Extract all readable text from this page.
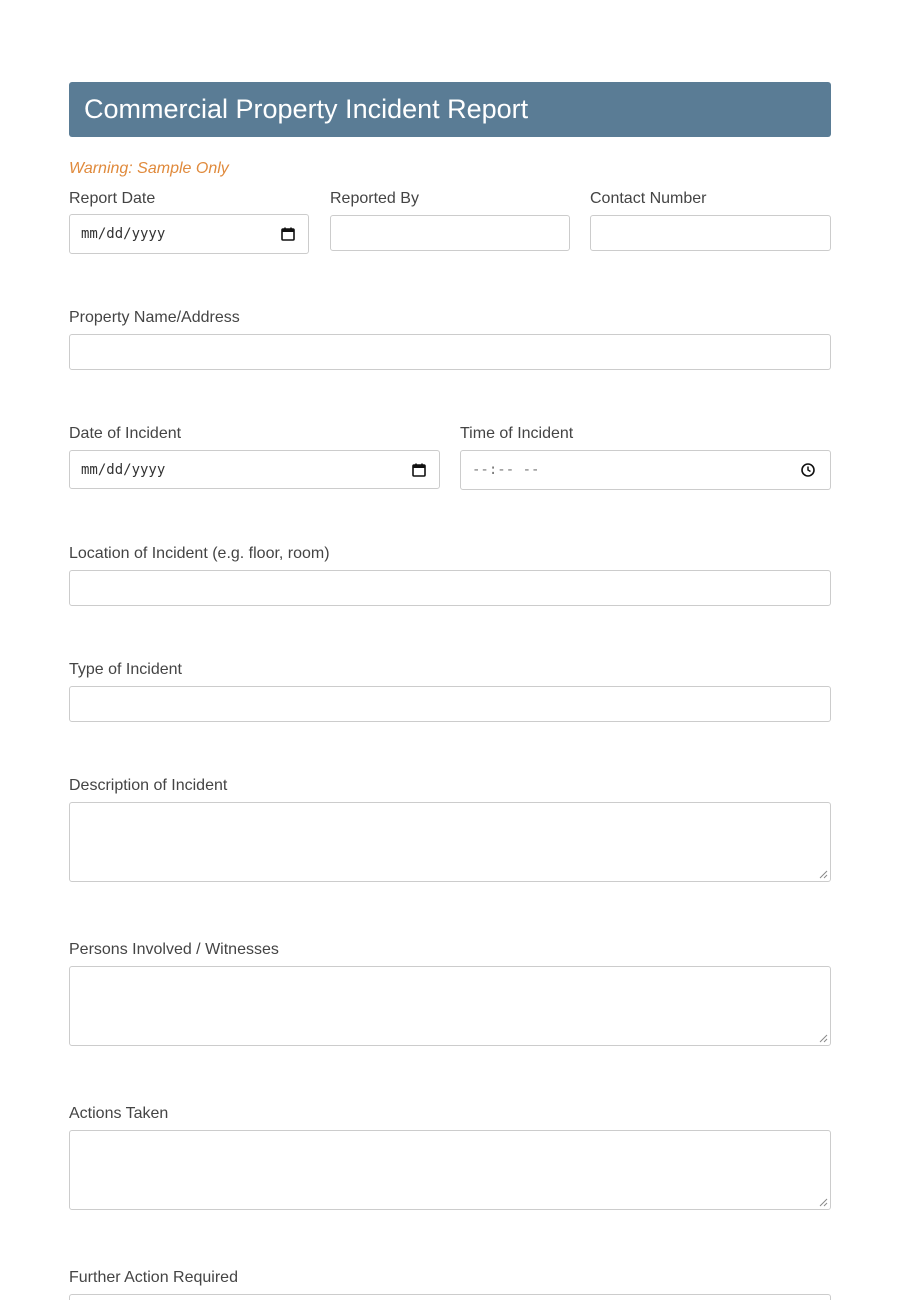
Commercial Property Incident Report
Warning: Sample Only
Report Date
mm/dd/yyyy
Reported By	Contact Number
Property Name/Address
Date of Incident
mm/dd/yyyy
Time of Incident
--:-- --
Location of Incident (e.g. floor, room)
Type of Incident
Description of Incident
Persons Involved / Witnesses
Actions Taken
Further Action Required
